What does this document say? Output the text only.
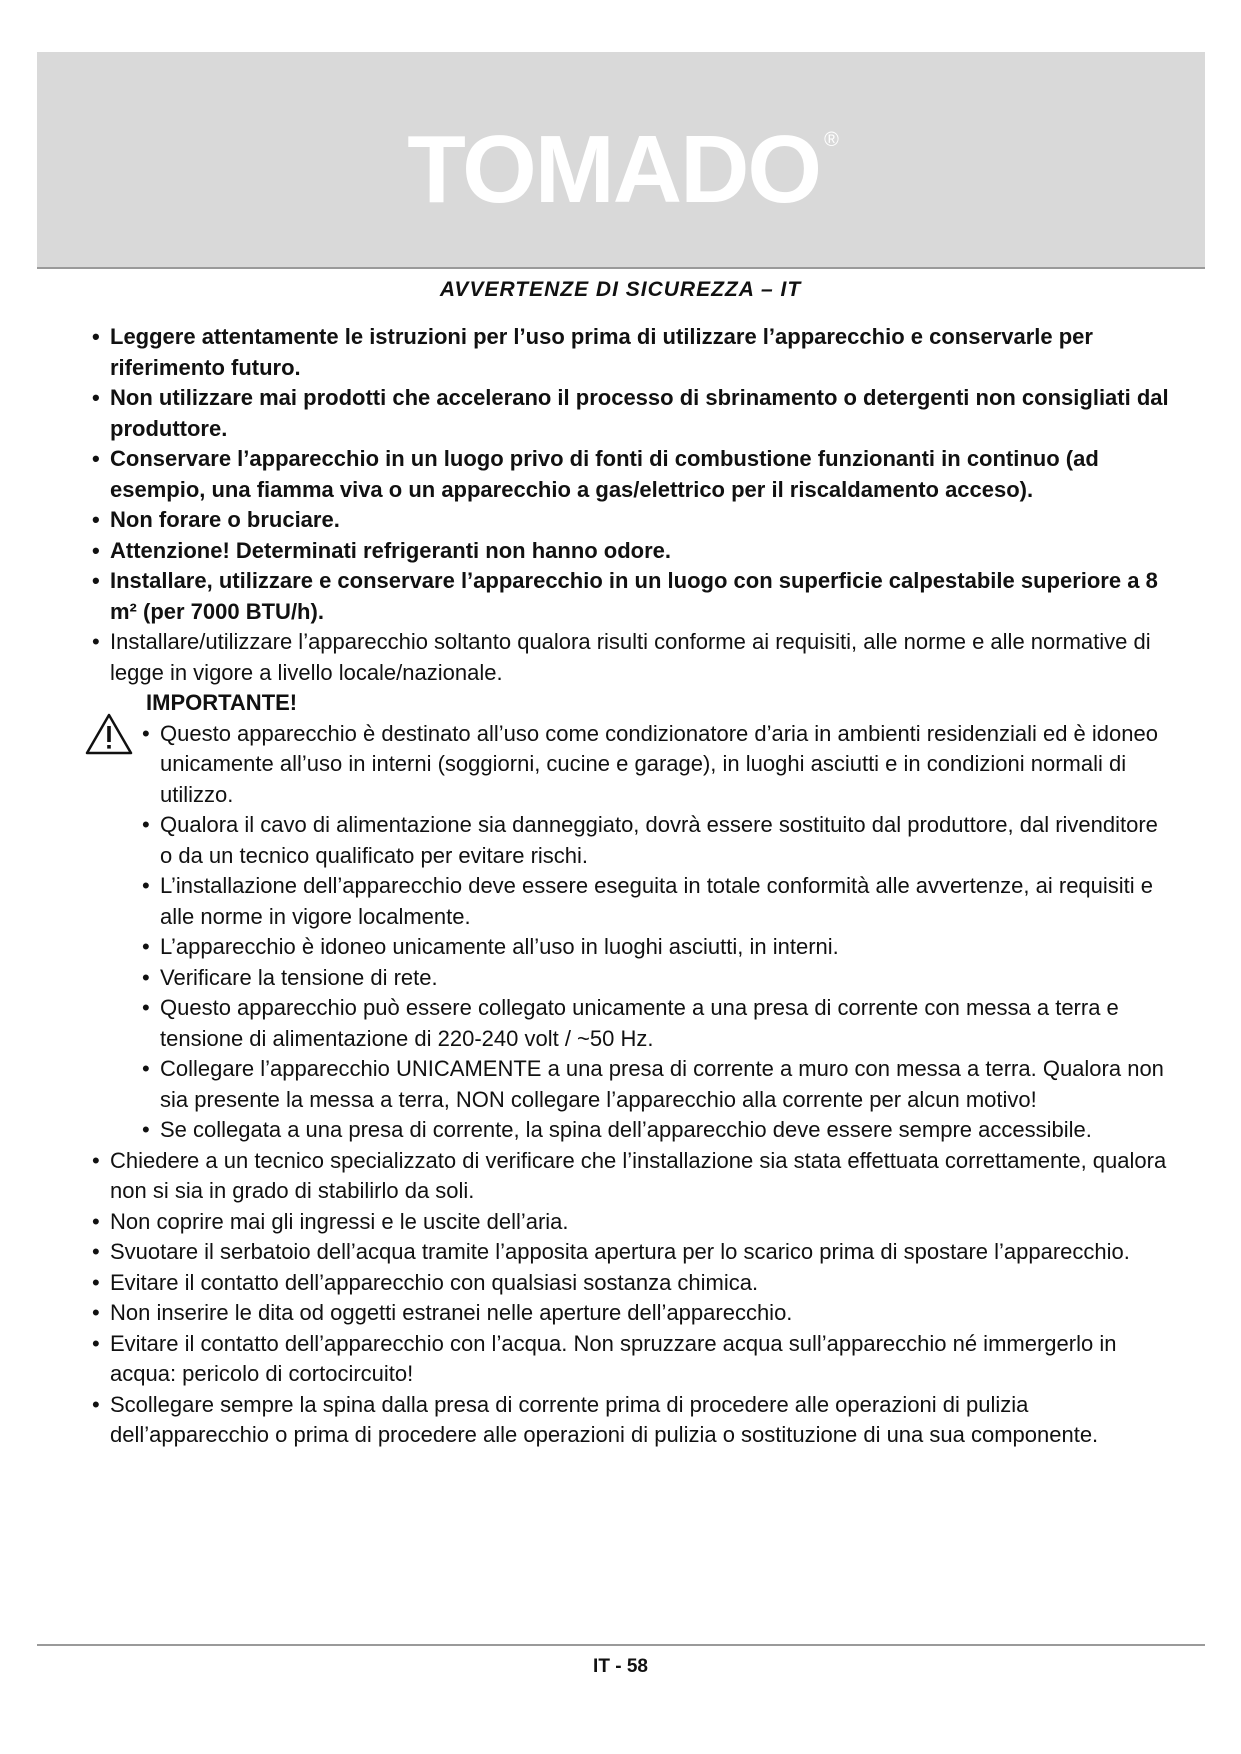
TOMADO ®
AVVERTENZE DI SICUREZZA – IT
• Leggere attentamente le istruzioni per l’uso prima di utilizzare l’apparecchio e conservarle per riferimento futuro.
• Non utilizzare mai prodotti che accelerano il processo di sbrinamento o detergenti non consigliati dal produttore.
• Conservare l’apparecchio in un luogo privo di fonti di combustione funzionanti in continuo (ad esempio, una fiamma viva o un apparecchio a gas/elettrico per il riscaldamento acceso).
• Non forare o bruciare.
• Attenzione! Determinati refrigeranti non hanno odore.
• Installare, utilizzare e conservare l’apparecchio in un luogo con superficie calpestabile superiore a 8 m² (per 7000 BTU/h).
• Installare/utilizzare l’apparecchio soltanto qualora risulti conforme ai requisiti, alle norme e alle normative di legge in vigore a livello locale/nazionale.
IMPORTANTE!
• Questo apparecchio è destinato all’uso come condizionatore d’aria in ambienti residenziali ed è idoneo unicamente all’uso in interni (soggiorni, cucine e garage), in luoghi asciutti e in condizioni normali di utilizzo.
• Qualora il cavo di alimentazione sia danneggiato, dovrà essere sostituito dal produttore, dal rivenditore o da un tecnico qualificato per evitare rischi.
• L’installazione dell’apparecchio deve essere eseguita in totale conformità alle avvertenze, ai requisiti e alle norme in vigore localmente.
• L’apparecchio è idoneo unicamente all’uso in luoghi asciutti, in interni.
• Verificare la tensione di rete.
• Questo apparecchio può essere collegato unicamente a una presa di corrente con messa a terra e tensione di alimentazione di 220-240 volt / ~50 Hz.
• Collegare l’apparecchio UNICAMENTE a una presa di corrente a muro con messa a terra. Qualora non sia presente la messa a terra, NON collegare l’apparecchio alla corrente per alcun motivo!
• Se collegata a una presa di corrente, la spina dell’apparecchio deve essere sempre accessibile.
• Chiedere a un tecnico specializzato di verificare che l’installazione sia stata effettuata correttamente, qualora non si sia in grado di stabilirlo da soli.
• Non coprire mai gli ingressi e le uscite dell’aria.
• Svuotare il serbatoio dell’acqua tramite l’apposita apertura per lo scarico prima di spostare l’apparecchio.
• Evitare il contatto dell’apparecchio con qualsiasi sostanza chimica.
• Non inserire le dita od oggetti estranei nelle aperture dell’apparecchio.
• Evitare il contatto dell’apparecchio con l’acqua. Non spruzzare acqua sull’apparecchio né immergerlo in acqua: pericolo di cortocircuito!
• Scollegare sempre la spina dalla presa di corrente prima di procedere alle operazioni di pulizia dell’apparecchio o prima di procedere alle operazioni di pulizia o sostituzione di una sua componente.
IT - 58
